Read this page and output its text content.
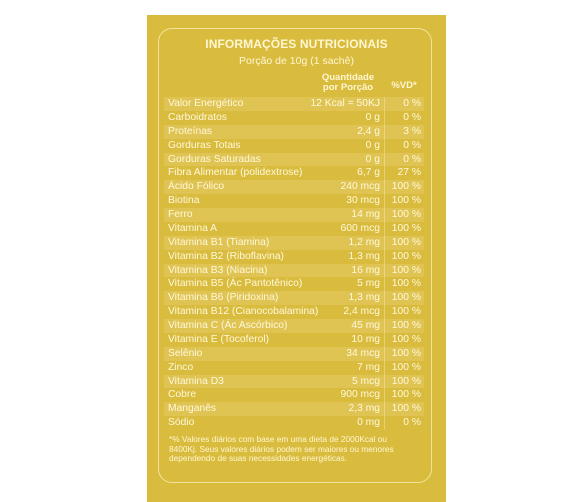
INFORMAÇÕES NUTRICIONAIS
Porção de 10g (1 sachê)
Quantidade
por Porção	%VD*
Valor Energético	12 Kcal = 50KJ 0 %
Carboidratos	0 g 0 %
Proteínas	2,4 g 3 %
Gorduras Totais	0 g 0 %
Gorduras Saturadas	0 g 0 %
Fibra Alimentar (polidextrose)	6,7 g 27 %
Ácido Fólico	240 mcg 100 %
Biotina	30 mcg 100 %
Ferro	14 mg 100 %
Vitamina A	600 mcg 100 %
Vitamina B1 (Tiamina)	1,2 mg 100 %
Vitamina B2 (Riboflavina)	1,3 mg 100 %
Vitamina B3 (Niacina)	16 mg 100 %
Vitamina B5 (Ác Pantotênico)	5 mg 100 %
Vitamina B6 (Piridoxina)	1,3 mg 100 %
Vitamina B12 (Cianocobalamina) 2,4 mcg 100 %
Vitamina C (Ác Ascórbico)	45 mg 100 %
Vitamina E (Tocoferol)	10 mg 100 %
Selênio	34 mcg 100 %
Zinco	7 mg 100 %
Vitamina D3	5 mcg 100 %
Cobre	900 mcg 100 %
Manganês	2,3 mg 100 %
Sódio	0 mg 0 %
*% Valores diários com base em uma dieta de 2000Kcal ou
8400Kj. Seus valores diários podem ser maiores ou menores
dependendo de suas necessidades energéticas.
